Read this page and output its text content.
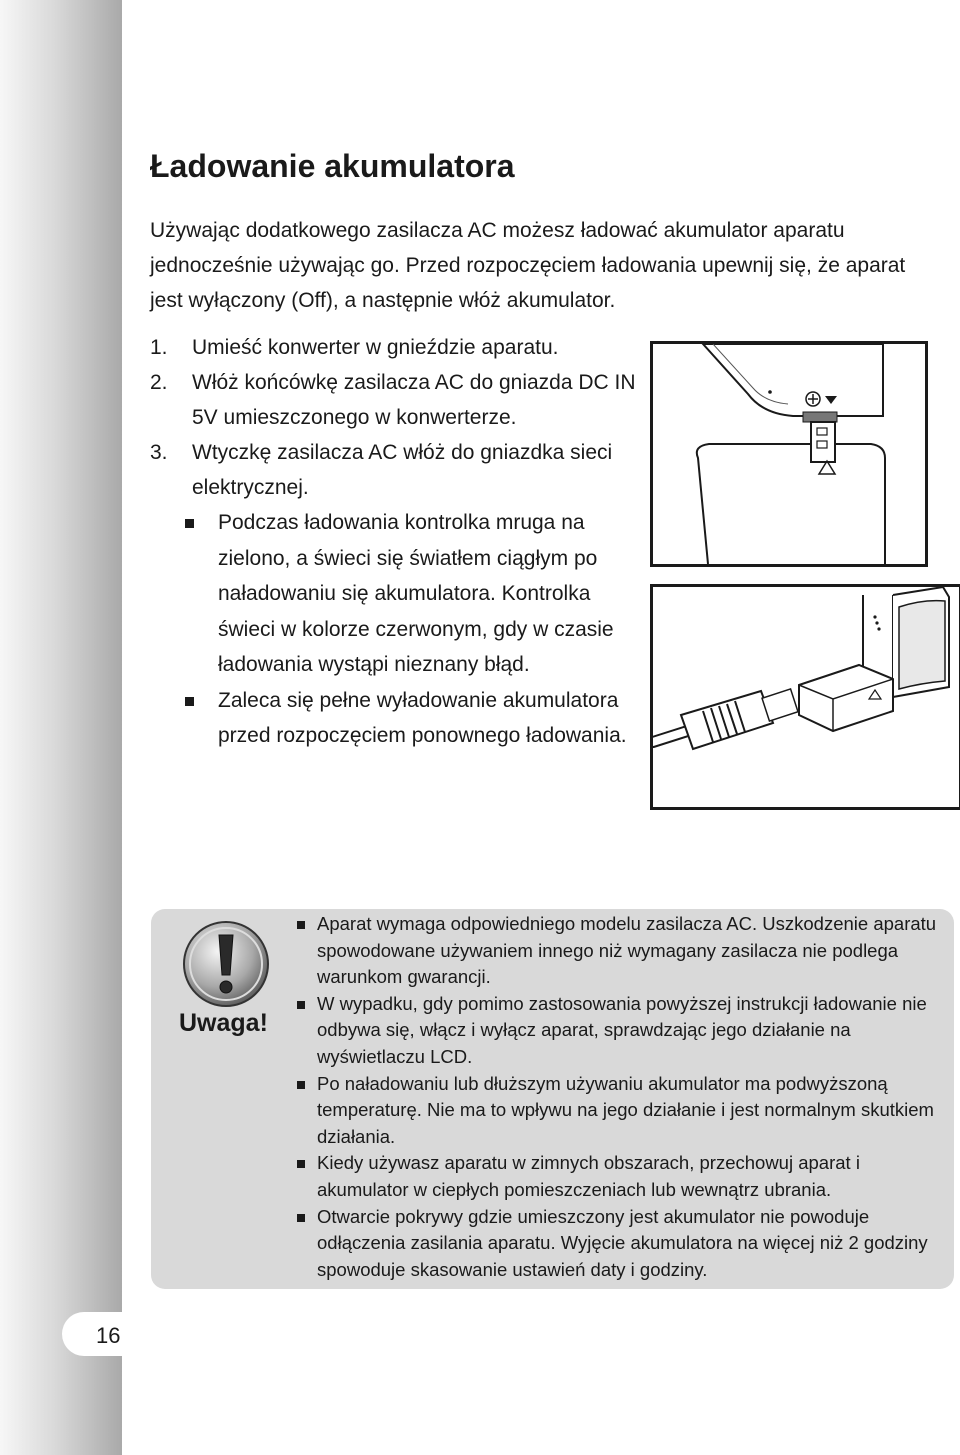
16
Ładowanie akumulatora

Używając dodatkowego zasilacza AC możesz ładować akumulator aparatu jednocześnie używając go. Przed rozpoczęciem ładowania upewnij się, że aparat jest wyłączony (Off), a następnie włóż akumulator.

1. Umieść konwerter w gnieździe aparatu.
2. Włóż końcówkę zasilacza AC do gniazda DC IN 5V umieszczonego w konwerterze.
3. Wtyczkę zasilacza AC włóż do gniazdka sieci elektrycznej.
Podczas ładowania kontrolka mruga na zielono, a świeci się światłem ciągłym po naładowaniu się akumulatora. Kontrolka świeci w kolorze czerwonym, gdy w czasie ładowania wystąpi nieznany błąd.
Zaleca się pełne wyładowanie akumulatora przed rozpoczęciem ponownego ładowania.
Uwaga!
Aparat wymaga odpowiedniego modelu zasilacza AC. Uszkodzenie aparatu spowodowane używaniem innego niż wymagany zasilacza nie podlega warunkom gwarancji.
W wypadku, gdy pomimo zastosowania powyższej instrukcji ładowanie nie odbywa się, włącz i wyłącz aparat, sprawdzając jego działanie na wyświetlaczu LCD.
Po naładowaniu lub dłuższym używaniu akumulator ma podwyższoną temperaturę. Nie ma to wpływu na jego działanie i jest normalnym skutkiem działania.
Kiedy używasz aparatu w zimnych obszarach, przechowuj aparat i akumulator w ciepłych pomieszczeniach lub wewnątrz ubrania.
Otwarcie pokrywy gdzie umieszczony jest akumulator nie powoduje odłączenia zasilania aparatu. Wyjęcie akumulatora na więcej niż 2 godziny spowoduje skasowanie ustawień daty i godziny.
